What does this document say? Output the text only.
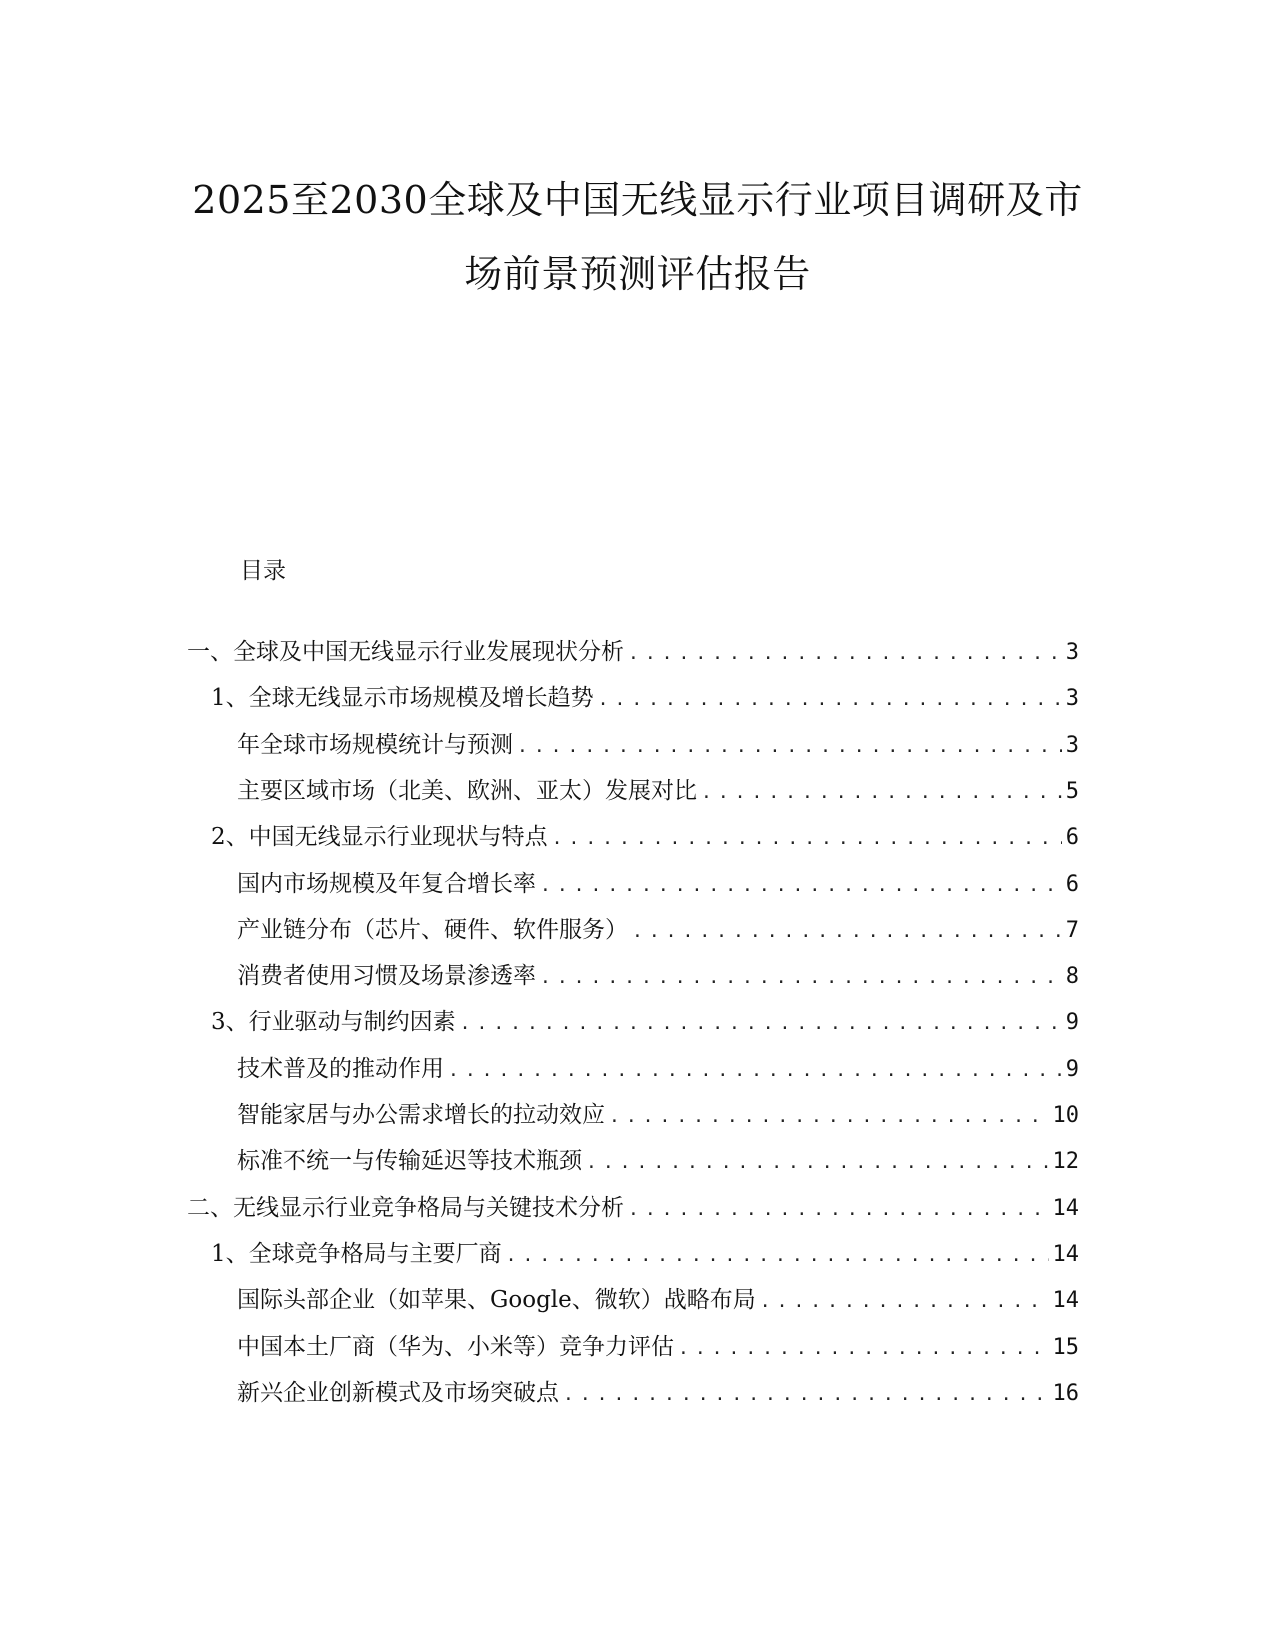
2025至2030全球及中国无线显示行业项目调研及市
场前景预测评估报告
目录
一、全球及中国无线显示行业发展现状分析 .....	3
1、全球无线显示市场规模及增长趋势 .....	3
年全球市场规模统计与预测 .....	3
主要区域市场（北美、欧洲、亚太）发展对比 .....	5
2、中国无线显示行业现状与特点 .....	6
国内市场规模及年复合增长率 .....	6
产业链分布（芯片、硬件、软件服务） .....	7
消费者使用习惯及场景渗透率 .....	8
3、行业驱动与制约因素 .....	9
技术普及的推动作用 .....	9
智能家居与办公需求增长的拉动效应 .....	10
标准不统一与传输延迟等技术瓶颈 .....	12
二、无线显示行业竞争格局与关键技术分析 .....	14
1、全球竞争格局与主要厂商 .....	14
国际头部企业（如苹果、Google、微软）战略布局 .....	14
中国本土厂商（华为、小米等）竞争力评估 .....	15
新兴企业创新模式及市场突破点 .....	16
